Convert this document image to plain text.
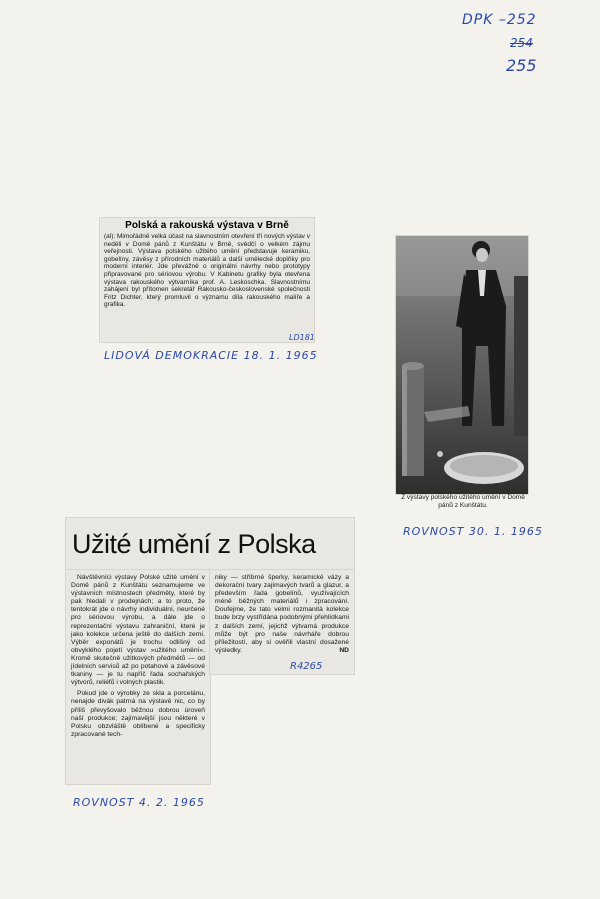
DPK –252
254
255
Polská a rakouská výstava v Brně

(al): Mimořádně velká účast na slavnostním otevření tří nových výstav v neděli v Domě pánů z Kunštátu v Brně, svědčí o velkém zájmu veřejnosti. Výstava polského užitého umění představuje keramiku, gobelíny, závěsy z přírodních materiálů a další umělecké doplňky pro moderní interiér. Jde převážně o originální návrhy nebo prototypy připravované pro sériovou výrobu. V Kabinetu grafiky byla otevřena výstava rakouského výtvarníka prof. A. Leskoschka. Slavnostnímu zahájení byl přítomen sekretář Rakousko-československé společnosti Fritz Dichter, který promluvil o významu díla rakouského malíře a grafika.

LD181
LIDOVÁ DEMOKRACIE 18. 1. 1965
Z výstavy polského užitého umění v Domě pánů z Kunštátu.
ROVNOST 30. 1. 1965
Užité umění z Polska

Návštěvníci výstavy Polské užité umění v Domě pánů z Kunštátu seznamujeme ve výstavních místnostech předměty, které by pak hledali v prodejnách; a to proto, že tentokrát jde o návrhy individuální, neurčené pro sériovou výrobu, a dále jde o reprezentační výstavu zahraniční, které je jako kolekce určena ještě do dalších zemí. Výběr exponátů je trochu odlišný od obvyklého pojetí výstav »užitého umění«. Kromě skutečně užitkových předmětů — od jídelních servisů až po potahové a závěsové tkaniny — je tu napříč řada sochařských výtvorů, reliéfů i volných plastik.

Pokud jde o výrobky ze skla a porcelánu, nenajde divák patrná na výstavě nic, co by příliš převyšovalo běžnou dobrou úroveň naší produkce; zajímavější jsou některé v Polsku obzvláště oblíbené a specificky zpracované tech-

niky — stříbrné šperky, keramické vázy a dekorační tvary zajímavých tvarů a glazur, a především řada gobelínů, využívajících méně běžných materiálů i zpracování. Doufejme, že tato velmi rozmanitá kolekce bude brzy vystřídána podobnými přehlídkami z dalších zemí, jejichž výtvarná produkce může být pro naše návrháře dobrou příležitostí, aby si ověřili vlastní dosažené výsledky.	ND

R4265
ROVNOST 4. 2. 1965
